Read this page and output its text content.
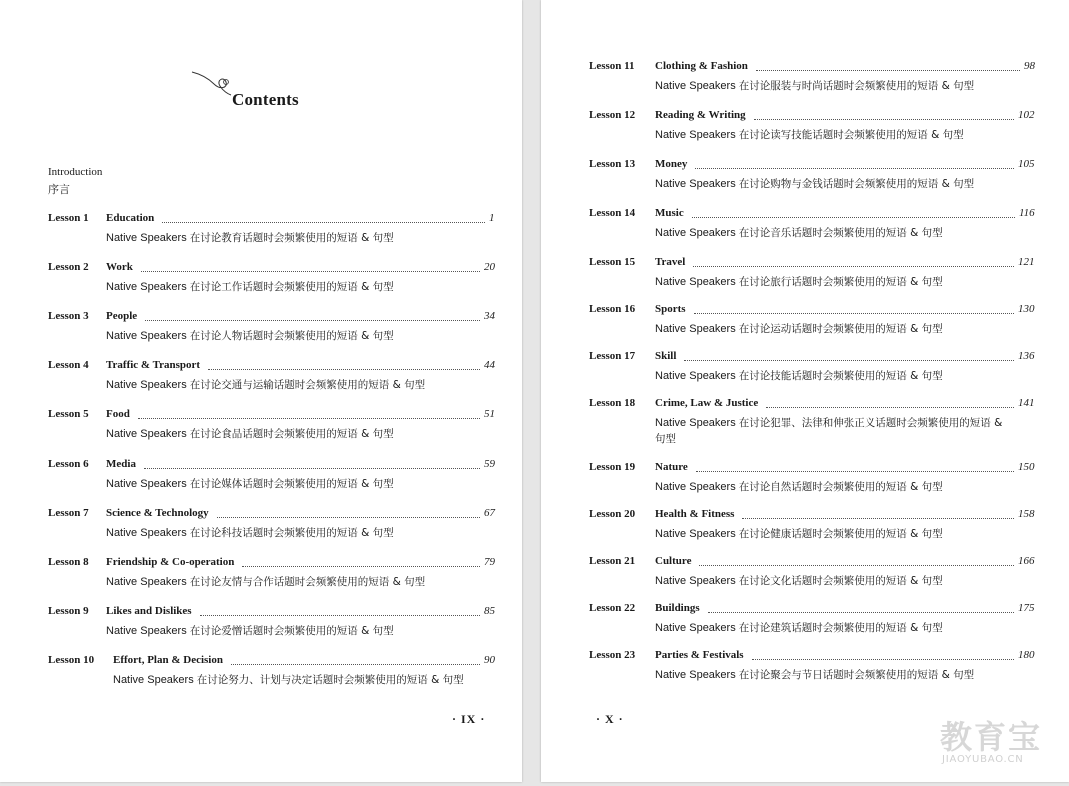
Contents
Introduction
序言
Lesson 1 Education	1
Native Speakers 在讨论教育话题时会频繁使用的短语 & 句型
Lesson 2 Work	20
Native Speakers 在讨论工作话题时会频繁使用的短语 & 句型
Lesson 3 People	34
Native Speakers 在讨论人物话题时会频繁使用的短语 & 句型
Lesson 4 Traffic & Transport	44
Native Speakers 在讨论交通与运输话题时会频繁使用的短语 & 句型
Lesson 5 Food	51
Native Speakers 在讨论食品话题时会频繁使用的短语 & 句型
Lesson 6 Media	59
Native Speakers 在讨论媒体话题时会频繁使用的短语 & 句型
Lesson 7 Science & Technology	67
Native Speakers 在讨论科技话题时会频繁使用的短语 & 句型
Lesson 8 Friendship & Co-operation	79
Native Speakers 在讨论友情与合作话题时会频繁使用的短语 & 句型
Lesson 9 Likes and Dislikes	85
Native Speakers 在讨论爱憎话题时会频繁使用的短语 & 句型
Lesson 10 Effort, Plan & Decision	90
Native Speakers 在讨论努力、计划与决定话题时会频繁使用的短语 & 句型
· IX ·
Lesson 11 Clothing & Fashion	98
Native Speakers 在讨论服装与时尚话题时会频繁使用的短语 & 句型
Lesson 12 Reading & Writing	102
Native Speakers 在讨论读写技能话题时会频繁使用的短语 & 句型
Lesson 13 Money	105
Native Speakers 在讨论购物与金钱话题时会频繁使用的短语 & 句型
Lesson 14 Music	116
Native Speakers 在讨论音乐话题时会频繁使用的短语 & 句型
Lesson 15 Travel	121
Native Speakers 在讨论旅行话题时会频繁使用的短语 & 句型
Lesson 16 Sports	130
Native Speakers 在讨论运动话题时会频繁使用的短语 & 句型
Lesson 17 Skill	136
Native Speakers 在讨论技能话题时会频繁使用的短语 & 句型
Lesson 18 Crime, Law & Justice	141
Native Speakers 在讨论犯罪、法律和伸张正义话题时会频繁使用的短语 & 句型
Lesson 19 Nature	150
Native Speakers 在讨论自然话题时会频繁使用的短语 & 句型
Lesson 20 Health & Fitness	158
Native Speakers 在讨论健康话题时会频繁使用的短语 & 句型
Lesson 21 Culture	166
Native Speakers 在讨论文化话题时会频繁使用的短语 & 句型
Lesson 22 Buildings	175
Native Speakers 在讨论建筑话题时会频繁使用的短语 & 句型
Lesson 23 Parties & Festivals	180
Native Speakers 在讨论聚会与节日话题时会频繁使用的短语 & 句型
· X ·	教育宝
JIAOYUBAO.CN
